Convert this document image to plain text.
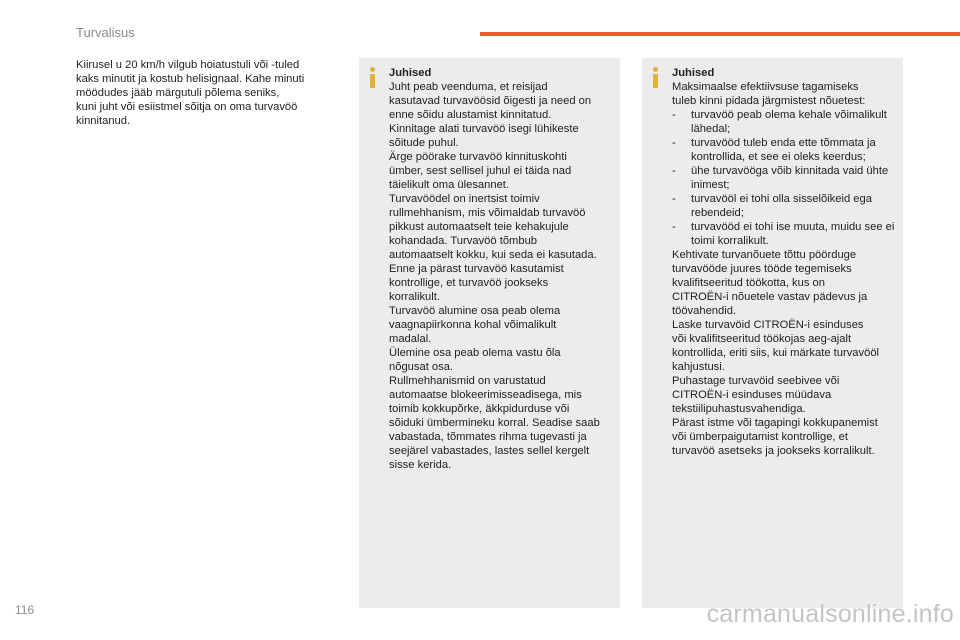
Turvalisus
Kiirusel u 20 km/h vilgub hoiatustuli või -tuled
kaks minutit ja kostub helisignaal. Kahe minuti
möödudes jääb märgutuli põlema seniks,
kuni juht või esiistmel sõitja on oma turvavöö
kinnitanud.

Juhised

Juht peab veenduma, et reisijad

kasutavad turvavöösid õigesti ja need on

enne sõidu alustamist kinnitatud.

Kinnitage alati turvavöö isegi lühikeste

sõitude puhul.

Ärge pöörake turvavöö kinnituskohti

ümber, sest sellisel juhul ei täida nad

täielikult oma ülesannet.

Turvavöödel on inertsist toimiv

rullmehhanism, mis võimaldab turvavöö

pikkust automaatselt teie kehakujule

kohandada. Turvavöö tõmbub

automaatselt kokku, kui seda ei kasutada.

Enne ja pärast turvavöö kasutamist

kontrollige, et turvavöö jookseks

korralikult.

Turvavöö alumine osa peab olema

vaagnapiirkonna kohal võimalikult

madalal.

Ülemine osa peab olema vastu õla

nõgusat osa.

Rullmehhanismid on varustatud

automaatse blokeerimisseadisega, mis

toimib kokkupõrke, äkkpidurduse või

sõiduki ümbermineku korral. Seadise saab

vabastada, tõmmates rihma tugevasti ja

seejärel vabastades, lastes sellel kergelt

sisse kerida.

Juhised

Maksimaalse efektiivsuse tagamiseks

tuleb kinni pidada järgmistest nõuetest:

- turvavöö peab olema kehale võimalikult lähedal;
- turvavööd tuleb enda ette tõmmata ja kontrollida, et see ei oleks keerdus;
- ühe turvavööga võib kinnitada vaid ühte inimest;
- turvavööl ei tohi olla sisselõikeid ega rebendeid;
- turvavööd ei tohi ise muuta, muidu see ei toimi korralikult.

Kehtivate turvanõuete tõttu pöörduge

turvavööde juures tööde tegemiseks

kvalifitseeritud töökotta, kus on

CITROËN-i nõuetele vastav pädevus ja

töövahendid.

Laske turvavöid CITROËN-i esinduses

või kvalifitseeritud töökojas aeg-ajalt

kontrollida, eriti siis, kui märkate turvavööl

kahjustusi.

Puhastage turvavöid seebivee või

CITROËN-i esinduses müüdava

tekstiilipuhastusvahendiga.

Pärast istme või tagapingi kokkupanemist

või ümberpaigutamist kontrollige, et

turvavöö asetseks ja jookseks korralikult.

116	carmanualsonline.info
